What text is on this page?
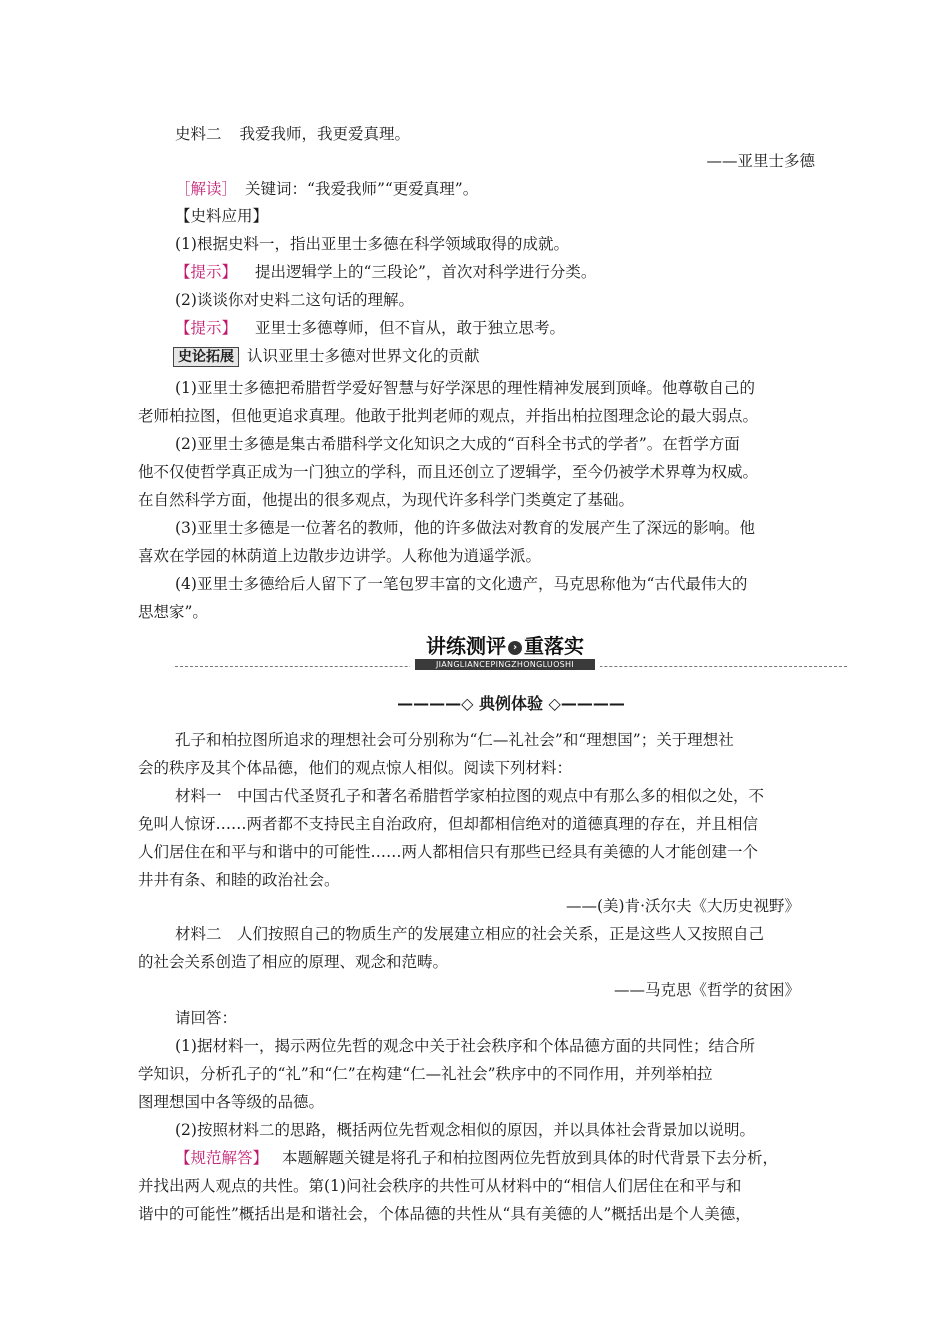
史料二 我爱我师，我更爱真理。
——亚里士多德
［解读］ 关键词：“我爱我师”“更爱真理”。
【史料应用】
(1)根据史料一，指出亚里士多德在科学领域取得的成就。
【提示】 提出逻辑学上的“三段论”，首次对科学进行分类。
(2)谈谈你对史料二这句话的理解。
【提示】 亚里士多德尊师，但不盲从，敢于独立思考。
史论拓展 认识亚里士多德对世界文化的贡献
(1)亚里士多德把希腊哲学爱好智慧与好学深思的理性精神发展到顶峰。他尊敬自己的
老师柏拉图，但他更追求真理。他敢于批判老师的观点，并指出柏拉图理念论的最大弱点。
(2)亚里士多德是集古希腊科学文化知识之大成的“百科全书式的学者”。在哲学方面
他不仅使哲学真正成为一门独立的学科，而且还创立了逻辑学，至今仍被学术界尊为权威。
在自然科学方面，他提出的很多观点，为现代许多科学门类奠定了基础。
(3)亚里士多德是一位著名的教师，他的许多做法对教育的发展产生了深远的影响。他
喜欢在学园的林荫道上边散步边讲学。人称他为逍遥学派。
(4)亚里士多德给后人留下了一笔包罗丰富的文化遗产，马克思称他为“古代最伟大的
思想家”。
讲练测评 › 重落实
JIANGLIANCEPINGZHONGLUOSHI
————◇ 典例体验 ◇————
孔子和柏拉图所追求的理想社会可分别称为“仁—礼社会”和“理想国”；关于理想社
会的秩序及其个体品德，他们的观点惊人相似。阅读下列材料：
材料一　中国古代圣贤孔子和著名希腊哲学家柏拉图的观点中有那么多的相似之处，不
免叫人惊讶……两者都不支持民主自治政府，但却都相信绝对的道德真理的存在，并且相信
人们居住在和平与和谐中的可能性……两人都相信只有那些已经具有美德的人才能创建一个
井井有条、和睦的政治社会。
——(美)肯·沃尔夫《大历史视野》
材料二　人们按照自己的物质生产的发展建立相应的社会关系，正是这些人又按照自己
的社会关系创造了相应的原理、观念和范畴。
——马克思《哲学的贫困》
请回答：
(1)据材料一，揭示两位先哲的观念中关于社会秩序和个体品德方面的共同性；结合所
学知识，分析孔子的“礼”和“仁”在构建“仁—礼社会”秩序中的不同作用，并列举柏拉
图理想国中各等级的品德。
(2)按照材料二的思路，概括两位先哲观念相似的原因，并以具体社会背景加以说明。
【规范解答】 本题解题关键是将孔子和柏拉图两位先哲放到具体的时代背景下去分析，
并找出两人观点的共性。第(1)问社会秩序的共性可从材料中的“相信人们居住在和平与和
谐中的可能性”概括出是和谐社会，个体品德的共性从“具有美德的人”概括出是个人美德，
